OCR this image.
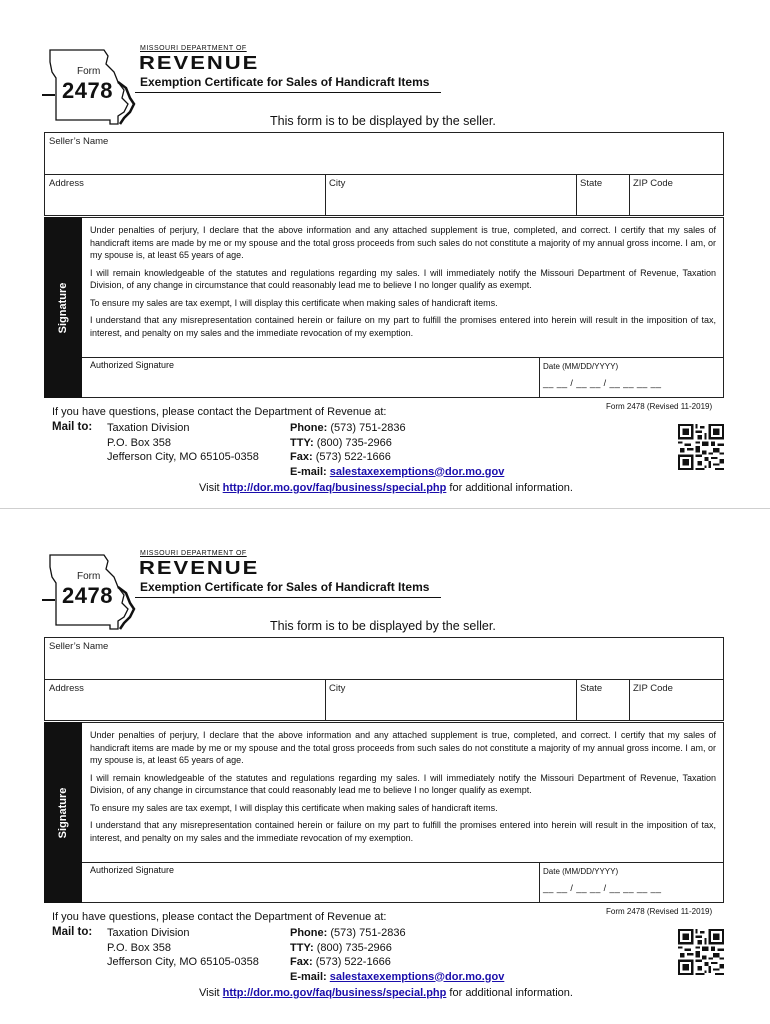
Form
2478
MISSOURI DEPARTMENT OF
REVENUE
Exemption Certificate for Sales of Handicraft Items
This form is to be displayed by the seller.
Seller’s Name
Address	City	State	ZIP Code
Signature

Under penalties of perjury, I declare that the above information and any attached supplement is true, completed, and correct. I certify that my sales of handicraft items are made by me or my spouse and the total gross proceeds from such sales do not constitute a majority of my annual gross income. I am, or my spouse is, at least 65 years of age.

I will remain knowledgeable of the statutes and regulations regarding my sales. I will immediately notify the Missouri Department of Revenue, Taxation Division, of any change in circumstance that could reasonably lead me to believe I no longer qualify as exempt.

To ensure my sales are tax exempt, I will display this certificate when making sales of handicraft items.

I understand that any misrepresentation contained herein or failure on my part to fulfill the promises entered into herein will result in the imposition of tax, interest, and penalty on my sales and the immediate revocation of my exemption.

Authorized Signature	Date (MM/DD/YYYY)
__ __ / __ __ / __ __ __ __
Form 2478 (Revised 11-2019)
If you have questions, please contact the Department of Revenue at:
Mail to: Taxation Division
P.O. Box 358
Jefferson City, MO 65105-0358
Phone: (573) 751-2836
TTY: (800) 735-2966
Fax: (573) 522-1666
E-mail: salestaxexemptions@dor.mo.gov
Visit http://dor.mo.gov/faq/business/special.php for additional information.
Form
2478
MISSOURI DEPARTMENT OF
REVENUE
Exemption Certificate for Sales of Handicraft Items
This form is to be displayed by the seller.
Seller’s Name
Address	City	State	ZIP Code
Signature

Under penalties of perjury, I declare that the above information and any attached supplement is true, completed, and correct. I certify that my sales of handicraft items are made by me or my spouse and the total gross proceeds from such sales do not constitute a majority of my annual gross income. I am, or my spouse is, at least 65 years of age.

I will remain knowledgeable of the statutes and regulations regarding my sales. I will immediately notify the Missouri Department of Revenue, Taxation Division, of any change in circumstance that could reasonably lead me to believe I no longer qualify as exempt.

To ensure my sales are tax exempt, I will display this certificate when making sales of handicraft items.

I understand that any misrepresentation contained herein or failure on my part to fulfill the promises entered into herein will result in the imposition of tax, interest, and penalty on my sales and the immediate revocation of my exemption.

Authorized Signature	Date (MM/DD/YYYY)
__ __ / __ __ / __ __ __ __
Form 2478 (Revised 11-2019)
If you have questions, please contact the Department of Revenue at:
Mail to: Taxation Division
P.O. Box 358
Jefferson City, MO 65105-0358
Phone: (573) 751-2836
TTY: (800) 735-2966
Fax: (573) 522-1666
E-mail: salestaxexemptions@dor.mo.gov
Visit http://dor.mo.gov/faq/business/special.php for additional information.
